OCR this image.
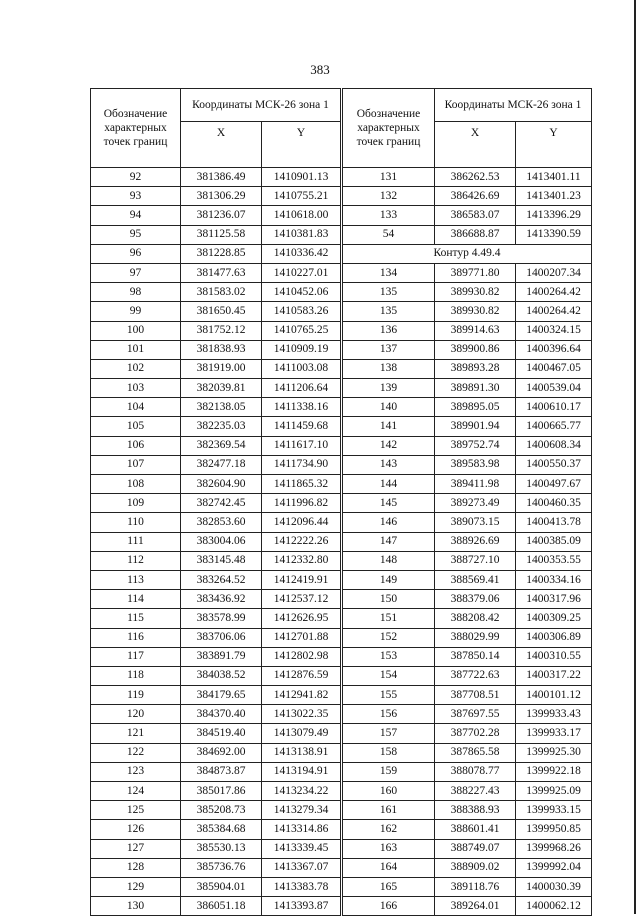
383
Обозначение характерных точек границ	Координаты МСК-26 зона 1	
	X	Y
92	381386.49	1410901.13
93	381306.29	1410755.21
94	381236.07	1410618.00
95	381125.58	1410381.83
96	381228.85	1410336.42
97	381477.63	1410227.01
98	381583.02	1410452.06
99	381650.45	1410583.26
100	381752.12	1410765.25
101	381838.93	1410909.19
102	381919.00	1411003.08
103	382039.81	1411206.64
104	382138.05	1411338.16
105	382235.03	1411459.68
106	382369.54	1411617.10
107	382477.18	1411734.90
108	382604.90	1411865.32
109	382742.45	1411996.82
110	382853.60	1412096.44
111	383004.06	1412222.26
112	383145.48	1412332.80
113	383264.52	1412419.91
114	383436.92	1412537.12
115	383578.99	1412626.95
116	383706.06	1412701.88
117	383891.79	1412802.98
118	384038.52	1412876.59
119	384179.65	1412941.82
120	384370.40	1413022.35
121	384519.40	1413079.49
122	384692.00	1413138.91
123	384873.87	1413194.91
124	385017.86	1413234.22
125	385208.73	1413279.34
126	385384.68	1413314.86
127	385530.13	1413339.45
128	385736.76	1413367.07
129	385904.01	1413383.78
130	386051.18	1413393.87
Обозначение характерных точек границ	Координаты МСК-26 зона 1	
	X	Y
131	386262.53	1413401.11
132	386426.69	1413401.23
133	386583.07	1413396.29
54	386688.87	1413390.59
Контур 4.49.4		
134	389771.80	1400207.34
135	389930.82	1400264.42
135	389930.82	1400264.42
136	389914.63	1400324.15
137	389900.86	1400396.64
138	389893.28	1400467.05
139	389891.30	1400539.04
140	389895.05	1400610.17
141	389901.94	1400665.77
142	389752.74	1400608.34
143	389583.98	1400550.37
144	389411.98	1400497.67
145	389273.49	1400460.35
146	389073.15	1400413.78
147	388926.69	1400385.09
148	388727.10	1400353.55
149	388569.41	1400334.16
150	388379.06	1400317.96
151	388208.42	1400309.25
152	388029.99	1400306.89
153	387850.14	1400310.55
154	387722.63	1400317.22
155	387708.51	1400101.12
156	387697.55	1399933.43
157	387702.28	1399933.17
158	387865.58	1399925.30
159	388078.77	1399922.18
160	388227.43	1399925.09
161	388388.93	1399933.15
162	388601.41	1399950.85
163	388749.07	1399968.26
164	388909.02	1399992.04
165	389118.76	1400030.39
166	389264.01	1400062.12
